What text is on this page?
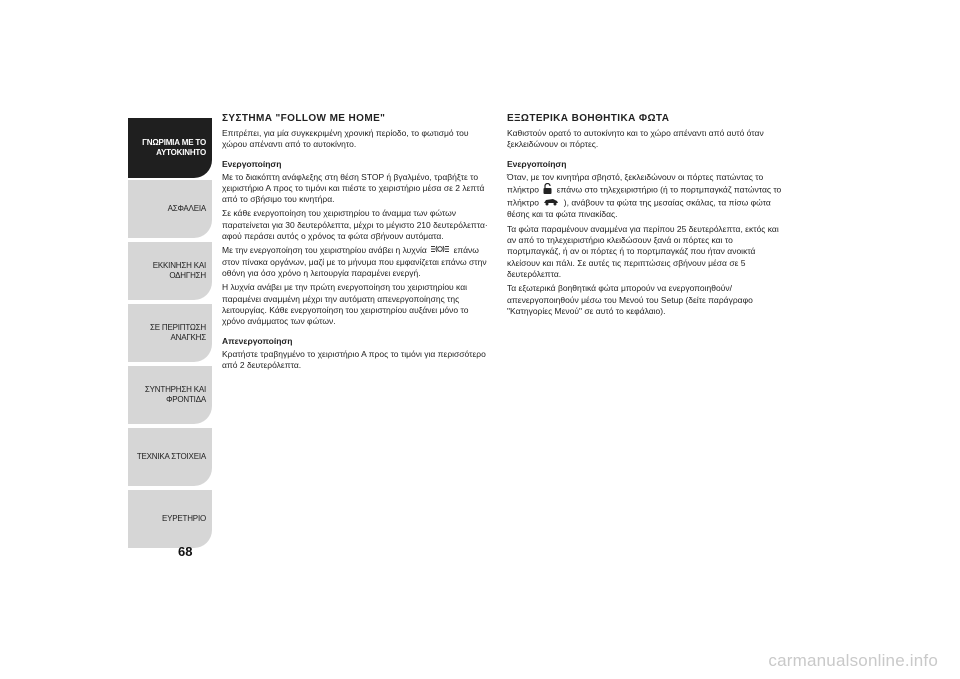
ΓΝΩΡΙΜΙΑ ΜΕ ΤΟ
ΑΥΤΟΚΙΝΗΤΟ
ΑΣΦΑΛΕΙΑ
ΕΚΚΙΝΗΣΗ ΚΑΙ
ΟΔΗΓΗΣΗ
ΣΕ ΠΕΡΙΠΤΩΣΗ
ΑΝΑΓΚΗΣ
ΣΥΝΤΗΡΗΣΗ ΚΑΙ
ΦΡΟΝΤΙΔΑ
ΤΕΧΝΙΚΑ ΣΤΟΙΧΕΙΑ
ΕΥΡΕΤΗΡΙΟ
68
ΣΥΣΤΗΜΑ "FOLLOW ME HOME"

Επιτρέπει, για μία συγκεκριμένη χρονική περίοδο, το φωτισμό του χώρου απέναντι από το αυτοκίνητο.

Ενεργοποίηση

Με το διακόπτη ανάφλεξης στη θέση STOP ή βγαλμένο, τραβήξτε το χειριστήριο Α προς το τιμόνι και πιέστε το χειριστήριο μέσα σε 2 λεπτά από το σβήσιμο του κινητήρα.

Σε κάθε ενεργοποίηση του χειριστηρίου το άναμμα των φώτων παρατείνεται για 30 δευτερόλεπτα, μέχρι το μέγιστο 210 δευτερόλεπτα· αφού περάσει αυτός ο χρόνος τα φώτα σβήνουν αυτόματα.

Με την ενεργοποίηση του χειριστηρίου ανάβει η λυχνία	επάνω στον πίνακα οργάνων, μαζί με το μήνυμα που εμφανίζεται επάνω στην οθόνη για όσο χρόνο η λειτουργία παραμένει ενεργή.

Η λυχνία ανάβει με την πρώτη ενεργοποίηση του χειριστηρίου και παραμένει αναμμένη μέχρι την αυτόματη απενεργοποίησης της λειτουργίας. Κάθε ενεργοποίηση του χειριστηρίου αυξάνει μόνο το χρόνο ανάμματος των φώτων.

Απενεργοποίηση

Κρατήστε τραβηγμένο το χειριστήριο Α προς το τιμόνι για περισσότερο από 2 δευτερόλεπτα.

ΕΞΩΤΕΡΙΚΑ ΒΟΗΘΗΤΙΚΑ ΦΩΤΑ

Καθιστούν ορατό το αυτοκίνητο και το χώρο απέναντι από αυτό όταν ξεκλειδώνουν οι πόρτες.

Ενεργοποίηση

Όταν, με τον κινητήρα σβηστό, ξεκλειδώνουν οι πόρτες πατώντας το πλήκτρο επάνω στο τηλεχειριστήριο (ή το πορτμπαγκάζ πατώντας το πλήκτρο	), ανάβουν τα φώτα της μεσαίας σκάλας, τα πίσω φώτα θέσης και τα φώτα πινακίδας.

Τα φώτα παραμένουν αναμμένα για περίπου 25 δευτερόλεπτα, εκτός και αν από το τηλεχειριστήριο κλειδώσουν ξανά οι πόρτες και το πορτμπαγκάζ, ή αν οι πόρτες ή το πορτμπαγκάζ που ήταν ανοικτά κλείσουν και πάλι. Σε αυτές τις περιπτώσεις σβήνουν μέσα σε 5 δευτερόλεπτα.

Τα εξωτερικά βοηθητικά φώτα μπορούν να ενεργοποιηθούν/ απενεργοποιηθούν μέσω του Μενού του Setup (δείτε παράγραφο "Κατηγορίες Μενού" σε αυτό το κεφάλαιο).

carmanualsonline.info
